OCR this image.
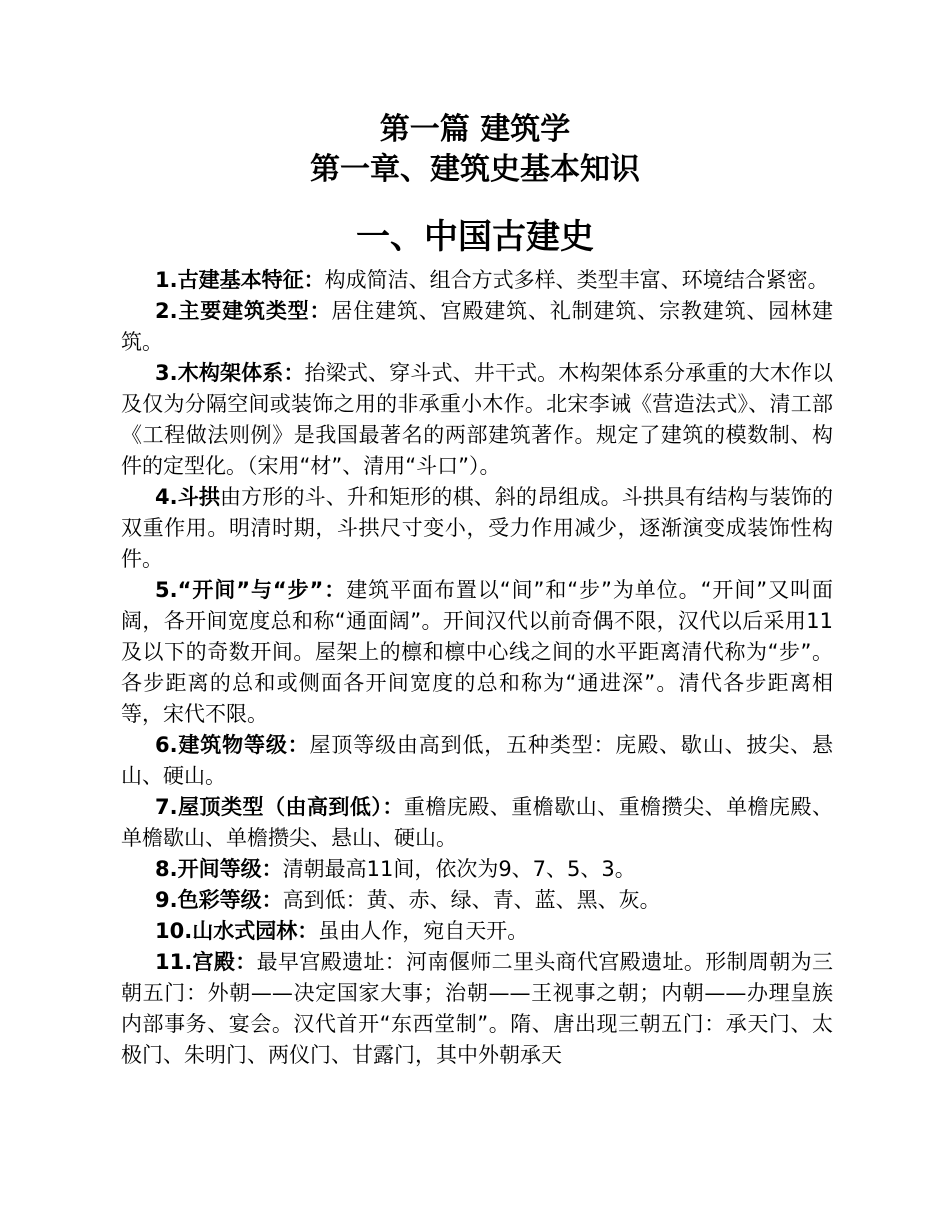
第一篇 建筑学
第一章、建筑史基本知识
一、中国古建史

1.古建基本特征：构成简洁、组合方式多样、类型丰富、环境结合紧密。

2.主要建筑类型：居住建筑、宫殿建筑、礼制建筑、宗教建筑、园林建筑。

3.木构架体系：抬梁式、穿斗式、井干式。木构架体系分承重的大木作以及仅为分隔空间或装饰之用的非承重小木作。北宋李诫《营造法式》、清工部《工程做法则例》是我国最著名的两部建筑著作。规定了建筑的模数制、构件的定型化。（宋用“材”、清用“斗口”）。

4.斗拱由方形的斗、升和矩形的棋、斜的昂组成。斗拱具有结构与装饰的双重作用。明清时期，斗拱尺寸变小，受力作用减少，逐渐演变成装饰性构件。

5.“开间”与“步”：建筑平面布置以“间”和“步”为单位。“开间”又叫面阔，各开间宽度总和称“通面阔”。开间汉代以前奇偶不限，汉代以后采用11及以下的奇数开间。屋架上的檩和檩中心线之间的水平距离清代称为“步”。各步距离的总和或侧面各开间宽度的总和称为“通进深”。清代各步距离相等，宋代不限。

6.建筑物等级：屋顶等级由高到低，五种类型：庑殿、歇山、披尖、悬山、硬山。

7.屋顶类型（由高到低）：重檐庑殿、重檐歇山、重檐攒尖、单檐庑殿、单檐歇山、单檐攒尖、悬山、硬山。

8.开间等级：清朝最高11间，依次为9、7、5、3。

9.色彩等级：高到低：黄、赤、绿、青、蓝、黑、灰。

10.山水式园林：虽由人作，宛自天开。

11.宫殿：最早宫殿遗址：河南偃师二里头商代宫殿遗址。形制周朝为三朝五门：外朝——决定国家大事；治朝——王视事之朝；内朝——办理皇族内部事务、宴会。汉代首开“东西堂制”。隋、唐出现三朝五门：承天门、太极门、朱明门、两仪门、甘露门，其中外朝承天
